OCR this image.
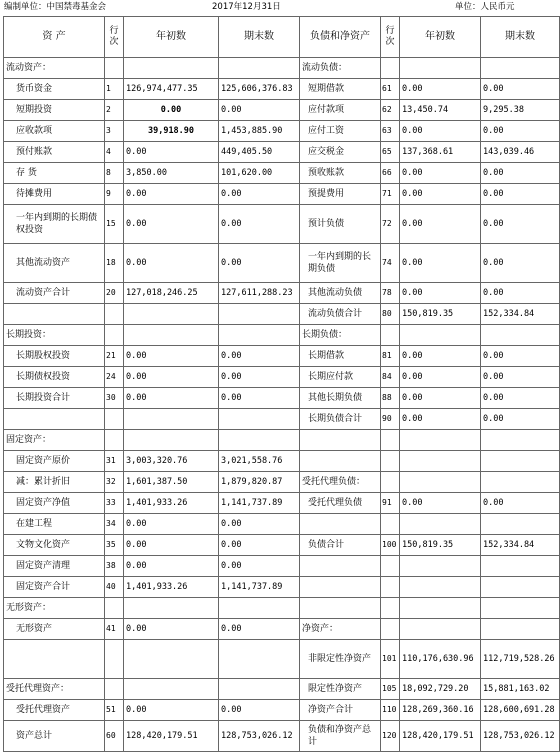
编制单位：中国禁毒基金会	2017年12月31日	单位：人民币元
资 产	行次	年初数	期末数	负债和净资产	行次	年初数	期末数
流动资产：				流动负债：			
货币资金	1	126,974,477.35	125,606,376.83	短期借款	61	0.00	0.00
短期投资	2	0.00	0.00	应付款项	62	13,450.74	9,295.38
应收款项	3	39,918.90	1,453,885.90	应付工资	63	0.00	0.00
预付账款	4	0.00	449,405.50	应交税金	65	137,368.61	143,039.46
存 货	8	3,850.00	101,620.00	预收账款	66	0.00	0.00
待摊费用	9	0.00	0.00	预提费用	71	0.00	0.00
一年内到期的长期债权投资	15	0.00	0.00	预计负债	72	0.00	0.00
其他流动资产	18	0.00	0.00	一年内到期的长期负债	74	0.00	0.00
流动资产合计	20	127,018,246.25	127,611,288.23	其他流动负债	78	0.00	0.00
				流动负债合计	80	150,819.35	152,334.84
长期投资：				长期负债：			
长期股权投资	21	0.00	0.00	长期借款	81	0.00	0.00
长期债权投资	24	0.00	0.00	长期应付款	84	0.00	0.00
长期投资合计	30	0.00	0.00	其他长期负债	88	0.00	0.00
				长期负债合计	90	0.00	0.00
固定资产：							
固定资产原价	31	3,003,320.76	3,021,558.76				
减：累计折旧	32	1,601,387.50	1,879,820.87	受托代理负债：			
固定资产净值	33	1,401,933.26	1,141,737.89	受托代理负债	91	0.00	0.00
在建工程	34	0.00	0.00				
文物文化资产	35	0.00	0.00	负债合计	100	150,819.35	152,334.84
固定资产清理	38	0.00	0.00				
固定资产合计	40	1,401,933.26	1,141,737.89				
无形资产：							
无形资产	41	0.00	0.00	净资产：			
				非限定性净资产	101	110,176,630.96	112,719,528.26
受托代理资产：				限定性净资产	105	18,092,729.20	15,881,163.02
受托代理资产	51	0.00	0.00	净资产合计	110	128,269,360.16	128,600,691.28
资产总计	60	128,420,179.51	128,753,026.12	负债和净资产总计	120	128,420,179.51	128,753,026.12
